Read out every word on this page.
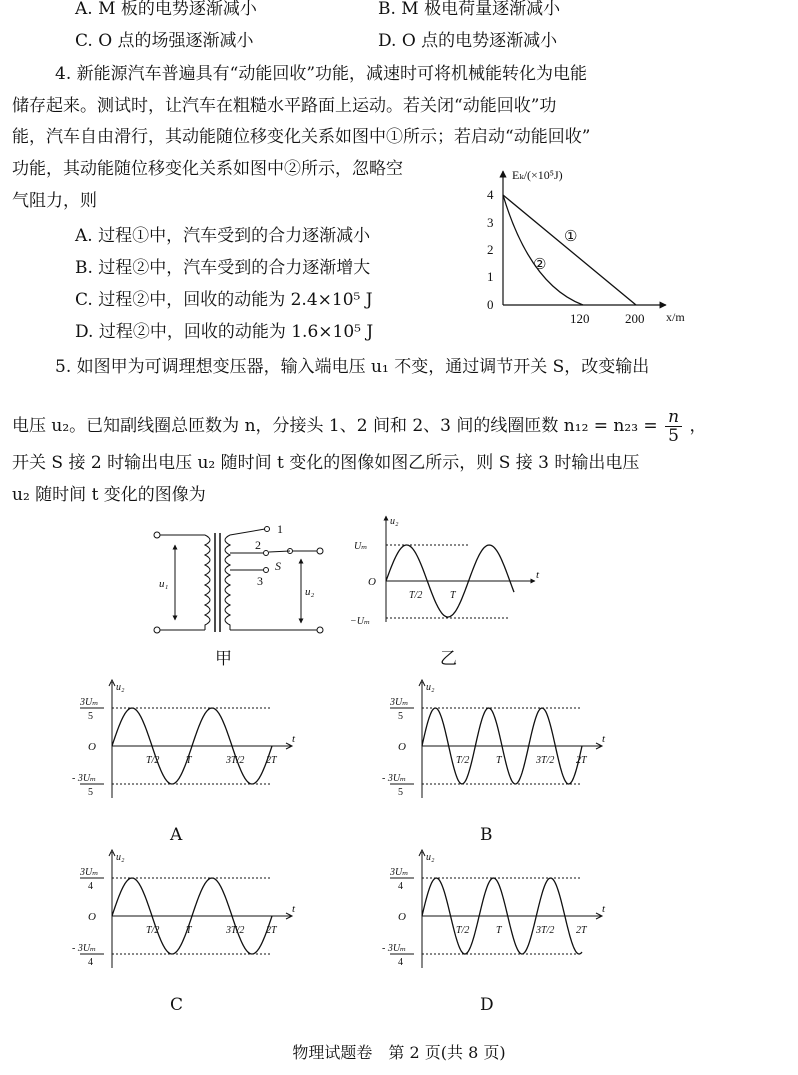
A. M 板的电势逐渐减小	B. M 极电荷量逐渐减小
C. O 点的场强逐渐减小	D. O 点的电势逐渐减小
4. 新能源汽车普遍具有“动能回收”功能，减速时可将机械能转化为电能
储存起来。测试时，让汽车在粗糙水平路面上运动。若关闭“动能回收”功
能，汽车自由滑行，其动能随位移变化关系如图中①所示；若启动“动能回收”
功能，其动能随位移变化关系如图中②所示，忽略空
气阻力，则
A. 过程①中，汽车受到的合力逐渐减小
B. 过程②中，汽车受到的合力逐渐增大
C. 过程②中，回收的动能为 2.4×10⁵ J
D. 过程②中，回收的动能为 1.6×10⁵ J
Eₖ/(×10⁵J)
x/m
4
3
2
1
0
120	200
①
②
5. 如图甲为可调理想变压器，输入端电压 u₁ 不变，通过调节开关 S，改变输出
电压 u₂。已知副线圈总匝数为 n，分接头 1、2 间和 2、3 间的线圈匝数 $n_{12} = n_{23} = \frac{n}{5}$ ，
开关 S 接 2 时输出电压 u₂ 随时间 t 变化的图像如图乙所示，则 S 接 3 时输出电压
u₂ 随时间 t 变化的图像为
u₁
1
2
3
S
u₂
甲
u₂
t
Uₘ
−Uₘ
O
T/2	T
乙
u₂
t
O
3Uₘ
5
- 3Uₘ
5
T/2	T	3T/2 2T
A
u₂
t
O
3Uₘ
5
- 3Uₘ
5
T/2	T	3T/2 2T
B
u₂
t
O
3Uₘ
4
- 3Uₘ
4
T/2	T	3T/2 2T
C
u₂
t
O
3Uₘ
4
- 3Uₘ
4
T/2	T	3T/2 2T
D
物理试题卷　第 2 页(共 8 页)
